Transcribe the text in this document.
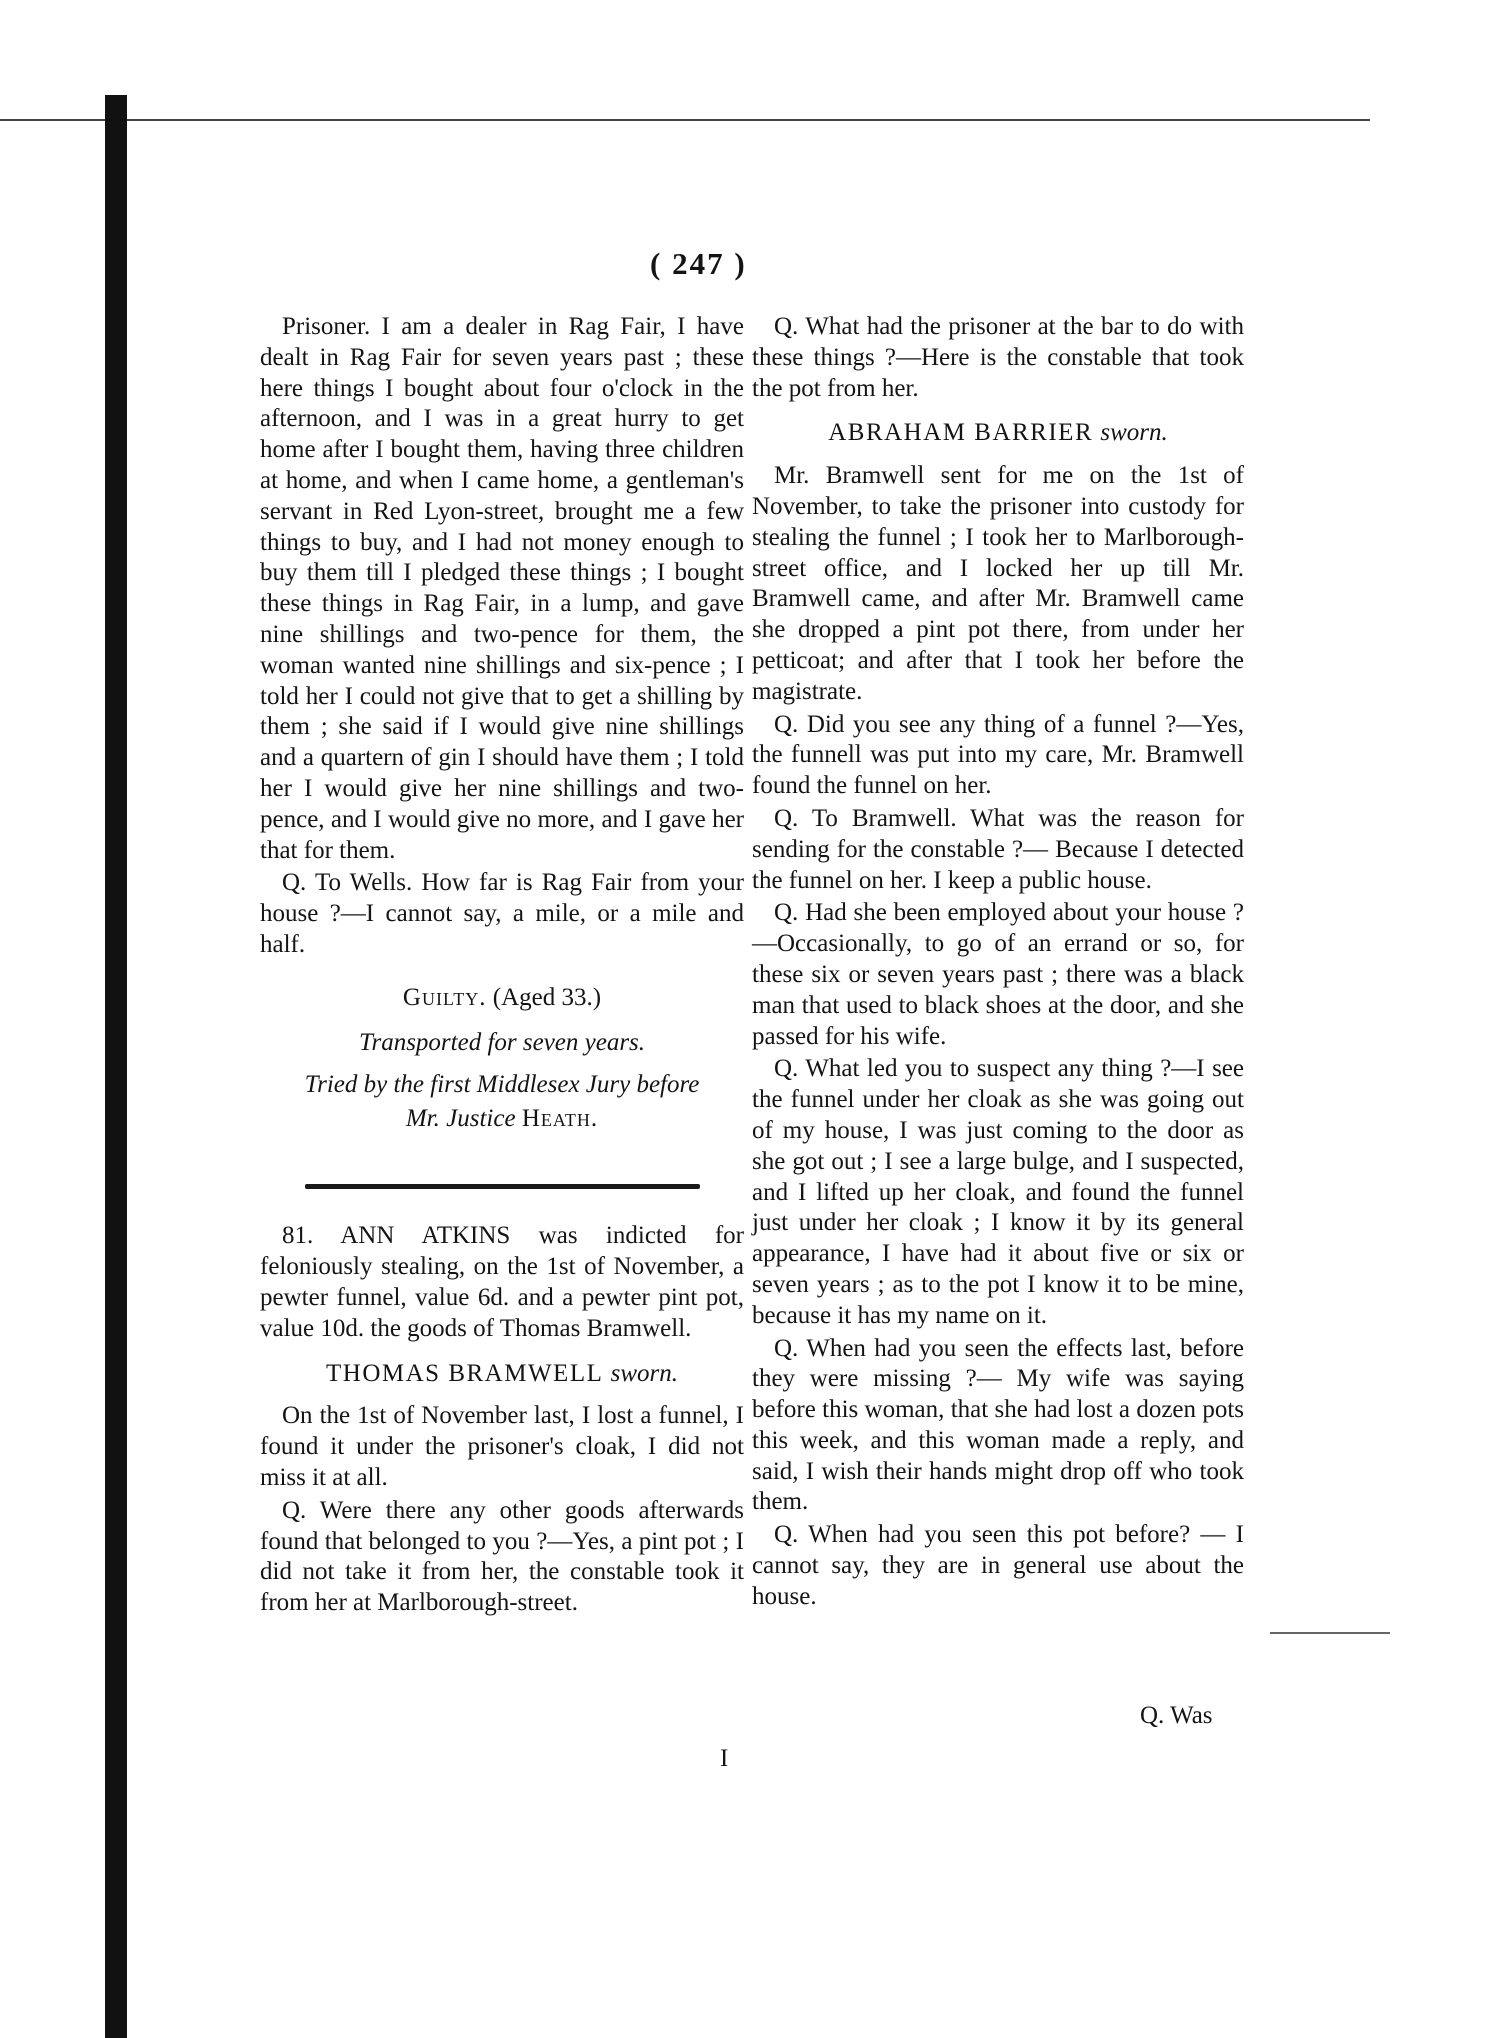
( 247 )

Prisoner. I am a dealer in Rag Fair, I have dealt in Rag Fair for seven years past ; these here things I bought about four o'clock in the afternoon, and I was in a great hurry to get home after I bought them, having three children at home, and when I came home, a gentleman's servant in Red Lyon-street, brought me a few things to buy, and I had not money enough to buy them till I pledged these things ; I bought these things in Rag Fair, in a lump, and gave nine shillings and two-pence for them, the woman wanted nine shillings and six-pence ; I told her I could not give that to get a shilling by them ; she said if I would give nine shillings and a quartern of gin I should have them ; I told her I would give her nine shillings and two-pence, and I would give no more, and I gave her that for them.

Q. To Wells. How far is Rag Fair from your house ?—I cannot say, a mile, or a mile and half.

Guilty. (Aged 33.)
Transported for seven years.
Tried by the first Middlesex Jury before
Mr. Justice Heath.

81. ANN ATKINS was indicted for feloniously stealing, on the 1st of November, a pewter funnel, value 6d. and a pewter pint pot, value 10d. the goods of Thomas Bramwell.

THOMAS BRAMWELL sworn.

On the 1st of November last, I lost a funnel, I found it under the prisoner's cloak, I did not miss it at all.

Q. Were there any other goods afterwards found that belonged to you ?—Yes, a pint pot ; I did not take it from her, the constable took it from her at Marlborough-street.

I

Q. What had the prisoner at the bar to do with these things ?—Here is the constable that took the pot from her.

ABRAHAM BARRIER sworn.

Mr. Bramwell sent for me on the 1st of November, to take the prisoner into custody for stealing the funnel ; I took her to Marlborough-street office, and I locked her up till Mr. Bramwell came, and after Mr. Bramwell came she dropped a pint pot there, from under her petticoat; and after that I took her before the magistrate.

Q. Did you see any thing of a funnel ?—Yes, the funnell was put into my care, Mr. Bramwell found the funnel on her.

Q. To Bramwell. What was the reason for sending for the constable ?— Because I detected the funnel on her. I keep a public house.

Q. Had she been employed about your house ?—Occasionally, to go of an errand or so, for these six or seven years past ; there was a black man that used to black shoes at the door, and she passed for his wife.

Q. What led you to suspect any thing ?—I see the funnel under her cloak as she was going out of my house, I was just coming to the door as she got out ; I see a large bulge, and I suspected, and I lifted up her cloak, and found the funnel just under her cloak ; I know it by its general appearance, I have had it about five or six or seven years ; as to the pot I know it to be mine, because it has my name on it.

Q. When had you seen the effects last, before they were missing ?— My wife was saying before this woman, that she had lost a dozen pots this week, and this woman made a reply, and said, I wish their hands might drop off who took them.

Q. When had you seen this pot before? — I cannot say, they are in general use about the house.

Q. Was
